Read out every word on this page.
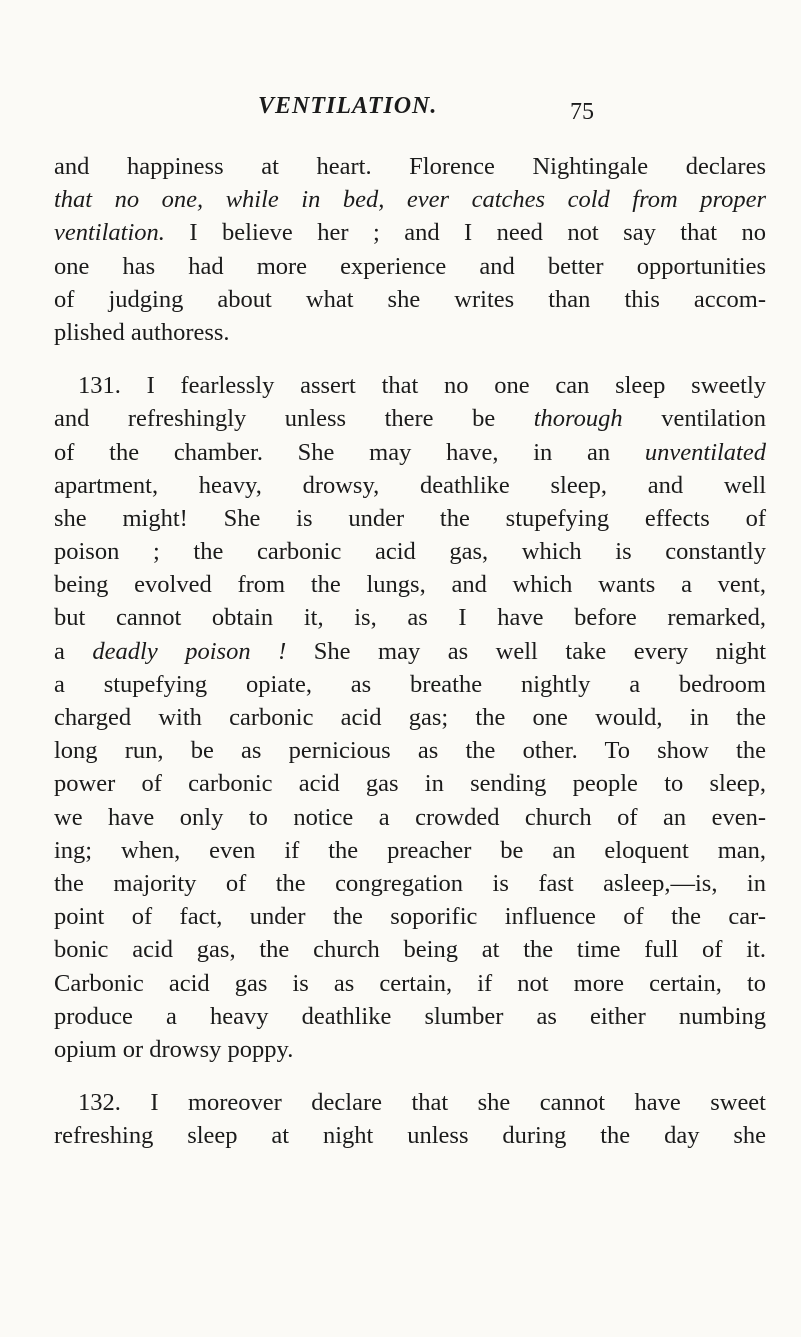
VENTILATION.	75
and happiness at heart. Florence Nightingale declares
that no one, while in bed, ever catches cold from proper
ventilation. I believe her ; and I need not say that no
one has had more experience and better opportunities
of judging about what she writes than this accom-
plished authoress.
131. I fearlessly assert that no one can sleep sweetly
and refreshingly unless there be thorough ventilation
of the chamber. She may have, in an unventilated
apartment, heavy, drowsy, deathlike sleep, and well
she might! She is under the stupefying effects of
poison ; the carbonic acid gas, which is constantly
being evolved from the lungs, and which wants a vent,
but cannot obtain it, is, as I have before remarked,
a deadly poison ! She may as well take every night
a stupefying opiate, as breathe nightly a bedroom
charged with carbonic acid gas; the one would, in the
long run, be as pernicious as the other. To show the
power of carbonic acid gas in sending people to sleep,
we have only to notice a crowded church of an even-
ing; when, even if the preacher be an eloquent man,
the majority of the congregation is fast asleep,—is, in
point of fact, under the soporific influence of the car-
bonic acid gas, the church being at the time full of it.
Carbonic acid gas is as certain, if not more certain, to
produce a heavy deathlike slumber as either numbing
opium or drowsy poppy.
132. I moreover declare that she cannot have sweet
refreshing sleep at night unless during the day she
